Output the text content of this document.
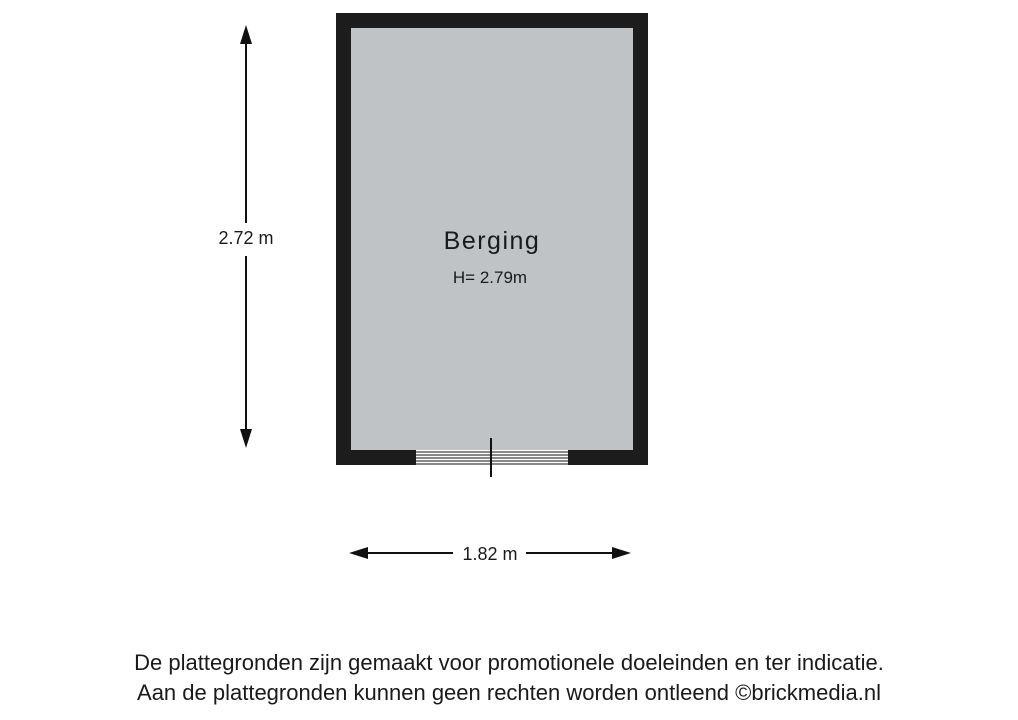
Berging
H= 2.79m
2.72 m
1.82 m
De plattegronden zijn gemaakt voor promotionele doeleinden en ter indicatie.
Aan de plattegronden kunnen geen rechten worden ontleend ©brickmedia.nl
